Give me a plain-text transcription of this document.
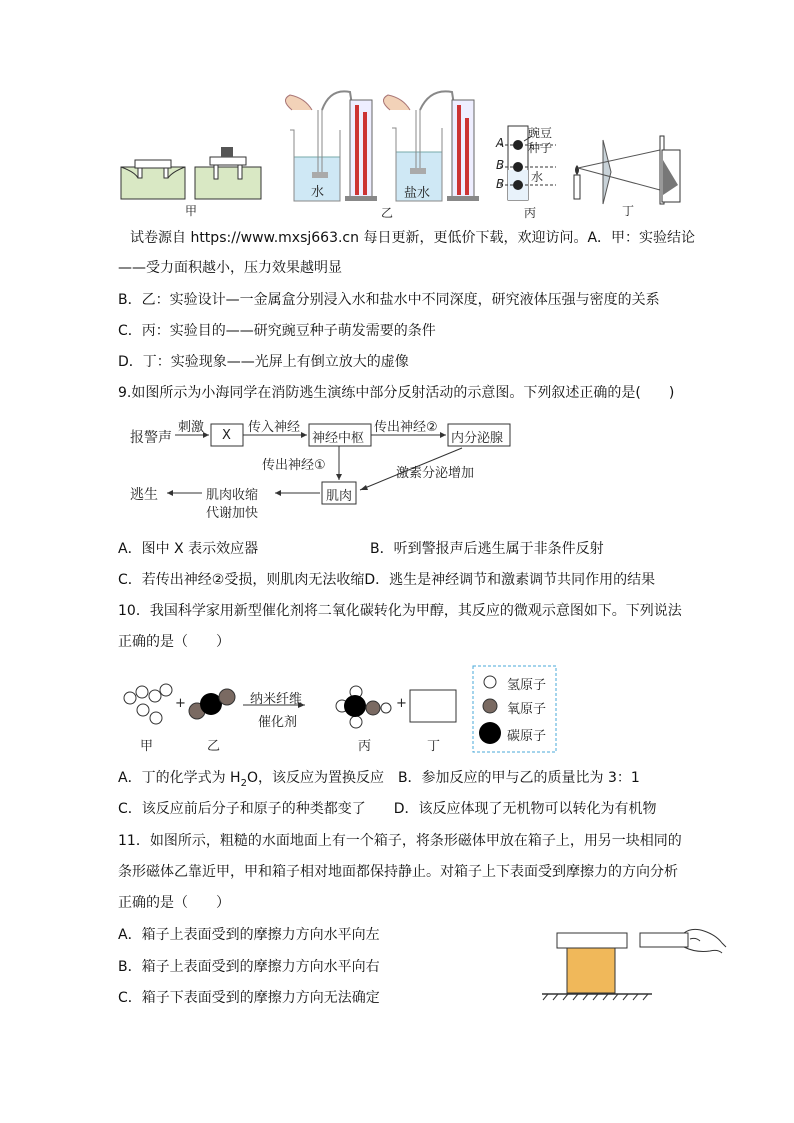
甲	乙	丙	丁
水	盐水
豌豆
种子
水
A
B
B
试卷源自 https://www.mxsj663.cn 每日更新，更低价下载，欢迎访问。A．甲：实验结论
——受力面积越小，压力效果越明显
B．乙：实验设计—一金属盒分别浸入水和盐水中不同深度，研究液体压强与密度的关系
C．丙：实验目的——研究豌豆种子萌发需要的条件
D．丁：实验现象——光屏上有倒立放大的虚像
9.如图所示为小海同学在消防逃生演练中部分反射活动的示意图。下列叙述正确的是(　　)
报警声
刺激
X
传入神经
神经中枢
传出神经②
内分泌腺
传出神经①
激素分泌增加
肌肉
肌肉收缩
代谢加快
逃生
A．图中 X 表示效应器	B．听到警报声后逃生属于非条件反射
C．若传出神经②受损，则肌肉无法收缩D．逃生是神经调节和激素调节共同作用的结果
10．我国科学家用新型催化剂将二氧化碳转化为甲醇，其反应的微观示意图如下。下列说法
正确的是（　　）
甲
+
乙
纳米纤维
催化剂
丙
+
丁
氢原子
氧原子
碳原子
A．丁的化学式为 $H_2O$，该反应为置换反应　B．参加反应的甲与乙的质量比为 3：1
C．该反应前后分子和原子的种类都变了　　D．该反应体现了无机物可以转化为有机物
11．如图所示，粗糙的水面地面上有一个箱子，将条形磁体甲放在箱子上，用另一块相同的
条形磁体乙靠近甲，甲和箱子相对地面都保持静止。对箱子上下表面受到摩擦力的方向分析
正确的是（　　）
A．箱子上表面受到的摩擦力方向水平向左
B．箱子上表面受到的摩擦力方向水平向右
C．箱子下表面受到的摩擦力方向无法确定
